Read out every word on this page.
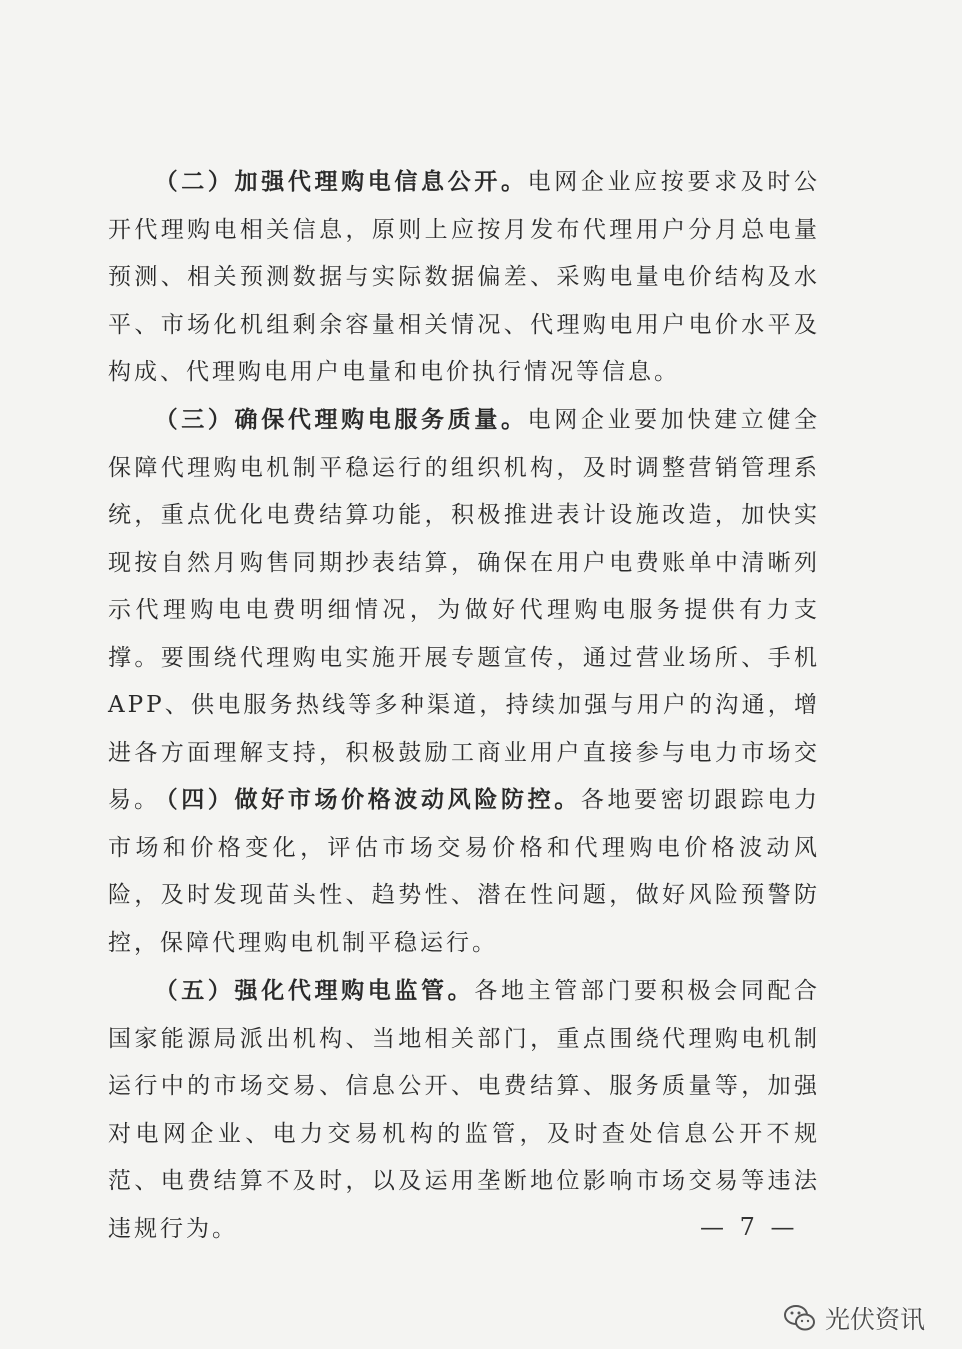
（二）加强代理购电信息公开。电网企业应按要求及时公开代理购电相关信息，原则上应按月发布代理用户分月总电量预测、相关预测数据与实际数据偏差、采购电量电价结构及水平、市场化机组剩余容量相关情况、代理购电用户电价水平及构成、代理购电用户电量和电价执行情况等信息。

（三）确保代理购电服务质量。电网企业要加快建立健全保障代理购电机制平稳运行的组织机构，及时调整营销管理系统，重点优化电费结算功能，积极推进表计设施改造，加快实现按自然月购售同期抄表结算，确保在用户电费账单中清晰列示代理购电电费明细情况，为做好代理购电服务提供有力支撑。要围绕代理购电实施开展专题宣传，通过营业场所、手机APP、供电服务热线等多种渠道，持续加强与用户的沟通，增进各方面理解支持，积极鼓励工商业用户直接参与电力市场交易。

（四）做好市场价格波动风险防控。各地要密切跟踪电力市场和价格变化，评估市场交易价格和代理购电价格波动风险，及时发现苗头性、趋势性、潜在性问题，做好风险预警防控，保障代理购电机制平稳运行。

（五）强化代理购电监管。各地主管部门要积极会同配合国家能源局派出机构、当地相关部门，重点围绕代理购电机制运行中的市场交易、信息公开、电费结算、服务质量等，加强对电网企业、电力交易机构的监管，及时查处信息公开不规范、电费结算不及时，以及运用垄断地位影响市场交易等违法违规行为。	— 7 —
光伏资讯
